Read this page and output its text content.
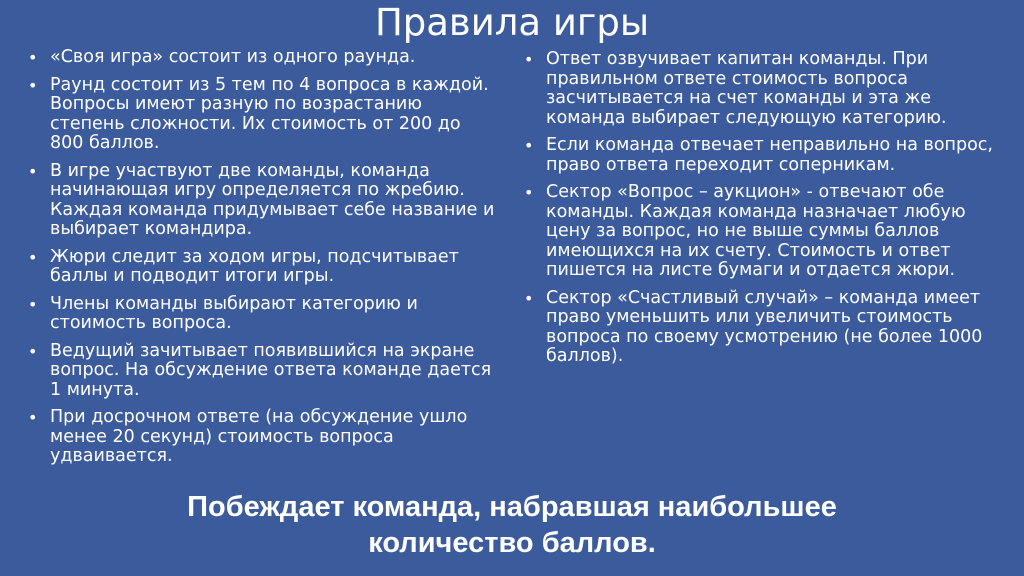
Правила игры
• «Своя игра» состоит из одного раунда.
• Раунд состоит из 5 тем по 4 вопроса в каждой. Вопросы имеют разную по возрастанию степень сложности. Их стоимость от 200 до 800 баллов.
• В игре участвуют две команды, команда начинающая игру определяется по жребию. Каждая команда придумывает себе название и выбирает командира.
• Жюри следит за ходом игры, подсчитывает баллы и подводит итоги игры.
• Члены команды выбирают категорию и стоимость вопроса.
• Ведущий зачитывает появившийся на экране вопрос. На обсуждение ответа команде дается 1 минута.
• При досрочном ответе (на обсуждение ушло менее 20 секунд) стоимость вопроса удваивается.
• Ответ озвучивает капитан команды. При правильном ответе стоимость вопроса засчитывается на счет команды и эта же команда выбирает следующую категорию.
• Если команда отвечает неправильно на вопрос, право ответа переходит соперникам.
• Сектор «Вопрос – аукцион» - отвечают обе команды. Каждая команда назначает любую цену за вопрос, но не выше суммы баллов имеющихся на их счету. Стоимость и ответ пишется на листе бумаги и отдается жюри.
• Сектор «Счастливый случай» – команда имеет право уменьшить или увеличить стоимость вопроса по своему усмотрению (не более 1000 баллов).
Побеждает команда, набравшая наибольшее
количество баллов.
